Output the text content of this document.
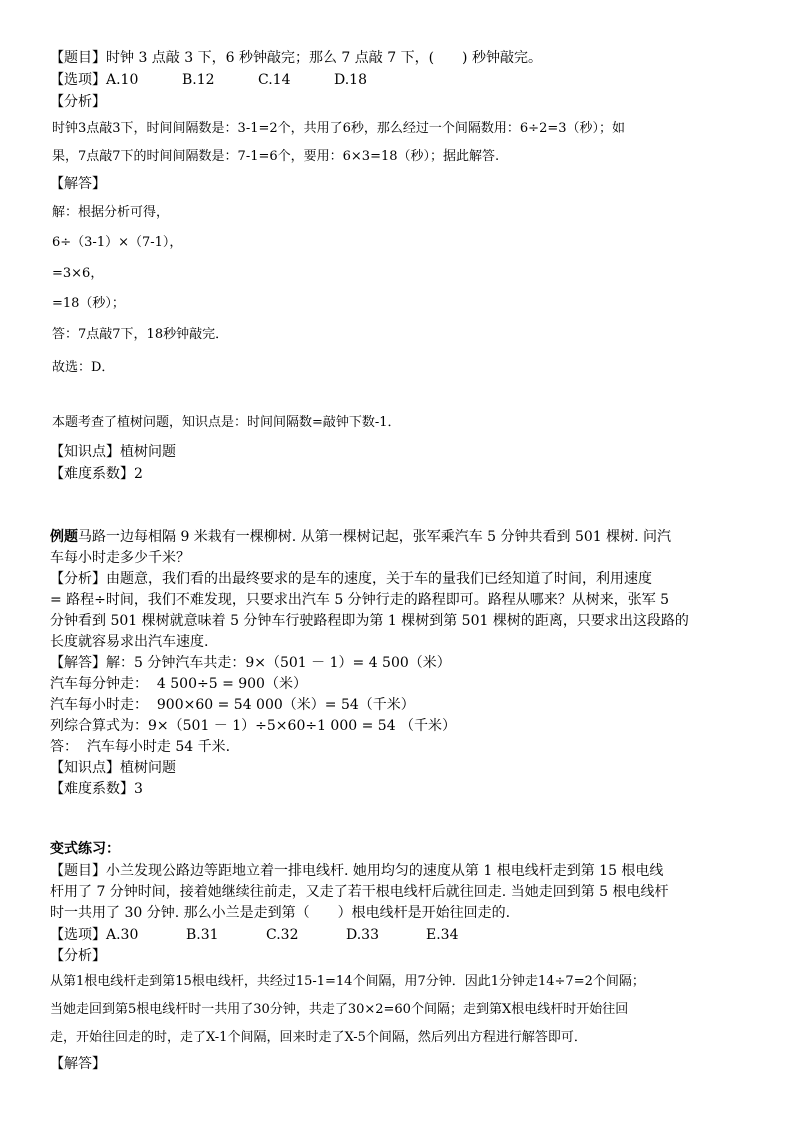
【题目】时钟 3 点敲 3 下，6 秒钟敲完；那么 7 点敲 7 下，(　　) 秒钟敲完。
【选项】A.10	B.12	C.14	D.18
【分析】
时钟3点敲3下，时间间隔数是：3-1=2个，共用了6秒，那么经过一个间隔数用：6÷2=3（秒）；如
果，7点敲7下的时间间隔数是：7-1=6个，要用：6×3=18（秒）；据此解答.
【解答】
解：根据分析可得，
6÷（3-1）×（7-1），
=3×6，
=18（秒）；
答：7点敲7下，18秒钟敲完．
故选：D．
本题考查了植树问题，知识点是：时间间隔数=敲钟下数-1．
【知识点】植树问题
【难度系数】2
例题马路一边每相隔 9 米栽有一棵柳树. 从第一棵树记起，张军乘汽车 5 分钟共看到 501 棵树. 问汽
车每小时走多少千米？
【分析】由题意，我们看的出最终要求的是车的速度，关于车的量我们已经知道了时间，利用速度
= 路程÷时间，我们不难发现，只要求出汽车 5 分钟行走的路程即可。路程从哪来？从树来，张军 5
分钟看到 501 棵树就意味着 5 分钟车行驶路程即为第 1 棵树到第 501 棵树的距离，只要求出这段路的
长度就容易求出汽车速度.
【解答】解：5 分钟汽车共走：9×（501 － 1）= 4 500（米）
汽车每分钟走：  4 500÷5 = 900（米）
汽车每小时走：  900×60 = 54 000（米）= 54（千米）
列综合算式为：9×（501 － 1）÷5×60÷1 000 = 54 （千米）
答：  汽车每小时走 54 千米.
【知识点】植树问题
【难度系数】3
变式练习：
【题目】小兰发现公路边等距地立着一排电线杆. 她用均匀的速度从第 1 根电线杆走到第 15 根电线
杆用了 7 分钟时间，接着她继续往前走，又走了若干根电线杆后就往回走. 当她走回到第 5 根电线杆
时一共用了 30 分钟. 那么小兰是走到第（　　）根电线杆是开始往回走的.
【选项】A.30	B.31	C.32	D.33	E.34
【分析】
从第1根电线杆走到第15根电线杆，共经过15-1=14个间隔，用7分钟．因此1分钟走14÷7=2个间隔；
当她走回到第5根电线杆时一共用了30分钟，共走了30×2=60个间隔；走到第X根电线杆时开始往回
走，开始往回走的时，走了X-1个间隔，回来时走了X-5个间隔，然后列出方程进行解答即可．
【解答】
